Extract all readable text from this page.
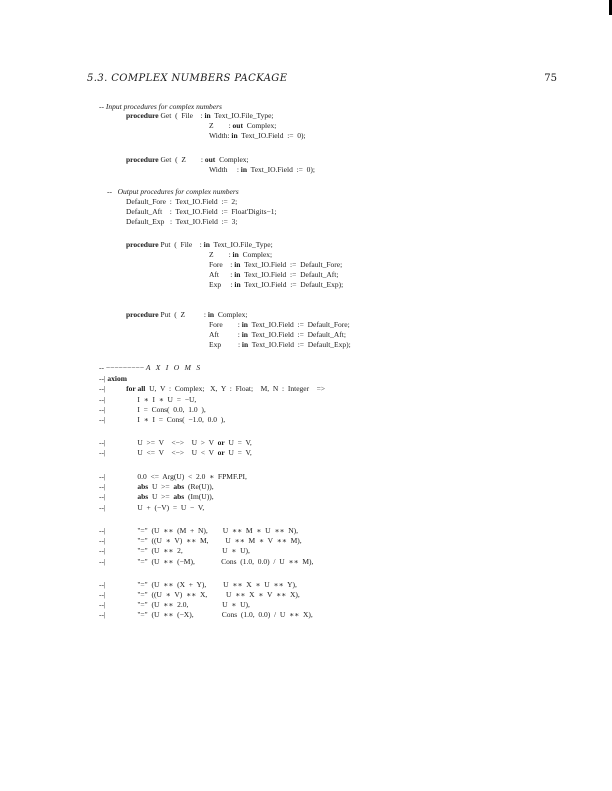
5.3. COMPLEX NUMBERS PACKAGE	75
-- Input procedures for complex numbers
procedure Get  (  File    : in  Text_IO.File_Type;
Z        : out  Complex;
Width: in  Text_IO.Field  :=  0);
procedure Get  (  Z        : out  Complex;
Width     : in  Text_IO.Field  :=  0);
--   Output procedures for complex numbers
Default_Fore  :  Text_IO.Field  :=  2;
Default_Aft    :  Text_IO.Field  :=  Float'Digits−1;
Default_Exp   :  Text_IO.Field  :=  3;
procedure Put  (  File    : in  Text_IO.File_Type;
Z        : in  Complex;
Fore    : in  Text_IO.Field  :=  Default_Fore;
Aft      : in  Text_IO.Field  :=  Default_Aft;
Exp     : in  Text_IO.Field  :=  Default_Exp);
procedure Put  (  Z          : in  Complex;
Fore        : in  Text_IO.Field  :=  Default_Fore;
Aft          : in  Text_IO.Field  :=  Default_Aft;
Exp         : in  Text_IO.Field  :=  Default_Exp);
-- −−−−−−−−− A X I O M S
--| axiom
--|           for all  U,  V  :  Complex;   X,  Y  :  Float;    M,  N  :  Integer    =>
--|                 I  ∗  I  ∗  U  =  −U,
--|                 I  =  Cons(  0.0,  1.0  ),
--|                 I  ∗  I  =  Cons(  −1.0,  0.0  ),
--|                 U  >=  V    <−>    U  >  V  or  U  =  V,
--|                 U  <=  V    <−>    U  <  V  or  U  =  V,
--|                 0.0  <=  Arg(U)  <  2.0  ∗  FPMF.PI,
--|                 abs  U  >=  abs  (Re(U)),
--|                 abs  U  >=  abs  (Im(U)),
--|                 U  +  (−V)  =  U  −  V,
--|                 "="  (U  ∗∗  (M  +  N),        U  ∗∗  M  ∗  U  ∗∗  N),
--|                 "="  ((U  ∗  V)  ∗∗  M,         U  ∗∗  M  ∗  V  ∗∗  M),
--|                 "="  (U  ∗∗  2,                     U  ∗  U),
--|                 "="  (U  ∗∗  (−M),              Cons  (1.0,  0.0)  /  U  ∗∗  M),
--|                 "="  (U  ∗∗  (X  +  Y),         U  ∗∗  X  ∗  U  ∗∗  Y),
--|                 "="  ((U  ∗  V)  ∗∗  X,          U  ∗∗  X  ∗  V  ∗∗  X),
--|                 "="  (U  ∗∗  2.0,                  U  ∗  U),
--|                 "="  (U  ∗∗  (−X),               Cons  (1.0,  0.0)  /  U  ∗∗  X),
